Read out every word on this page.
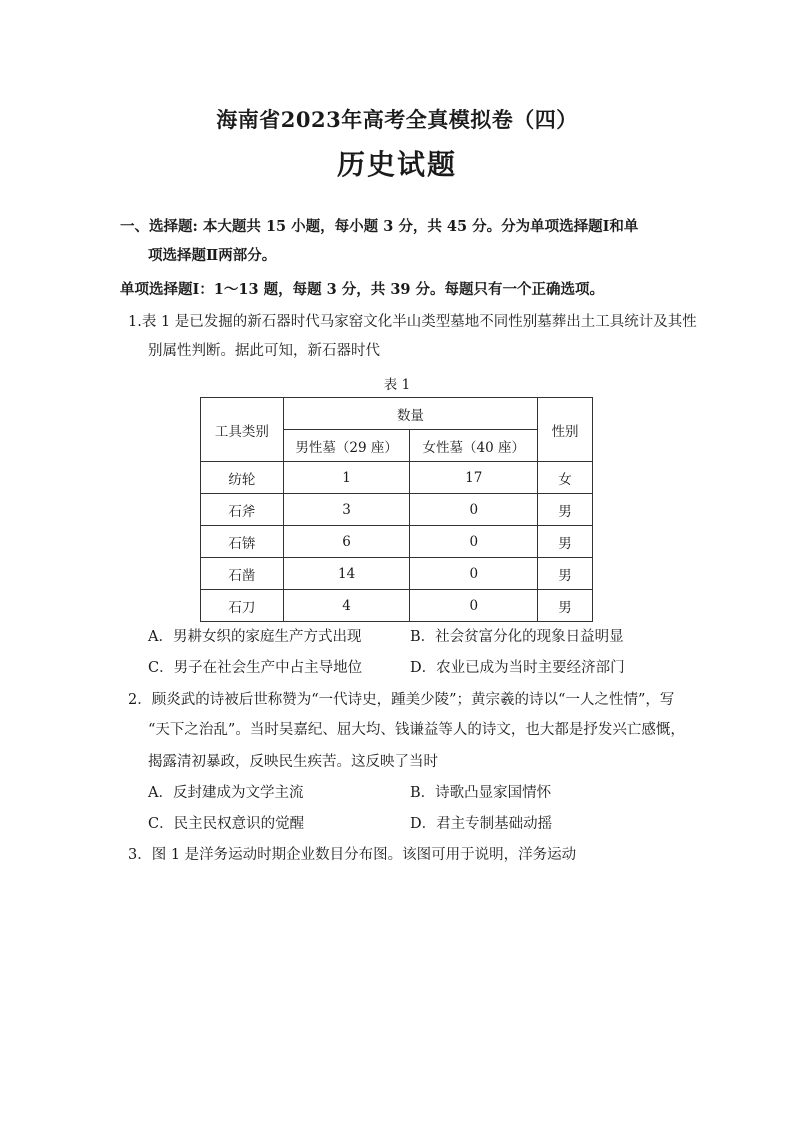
海南省2023年高考全真模拟卷（四）
历史试题
一、选择题: 本大题共 15 小题，每小题 3 分，共 45 分。分为单项选择题Ⅰ和单
项选择题Ⅱ两部分。
单项选择题Ⅰ：1～13 题，每题 3 分，共 39 分。每题只有一个正确选项。
1.表 1 是已发掘的新石器时代马家窑文化半山类型墓地不同性别墓葬出土工具统计及其性
别属性判断。据此可知，新石器时代
表 1
工具类别	数量		性别
	男性墓（29 座）	女性墓（40 座）	
纺轮	1	17	女
石斧	3	0	男
石锛	6	0	男
石凿	14	0	男
石刀	4	0	男
A．男耕女织的家庭生产方式出现	B．社会贫富分化的现象日益明显
C．男子在社会生产中占主导地位	D．农业已成为当时主要经济部门
2．顾炎武的诗被后世称赞为“一代诗史，踵美少陵”；黄宗羲的诗以“一人之性情”，写
“天下之治乱”。当时吴嘉纪、屈大均、钱谦益等人的诗文，也大都是抒发兴亡感慨，
揭露清初暴政，反映民生疾苦。这反映了当时
A．反封建成为文学主流	B．诗歌凸显家国情怀
C．民主民权意识的觉醒	D．君主专制基础动摇
3．图 1 是洋务运动时期企业数目分布图。该图可用于说明，洋务运动
